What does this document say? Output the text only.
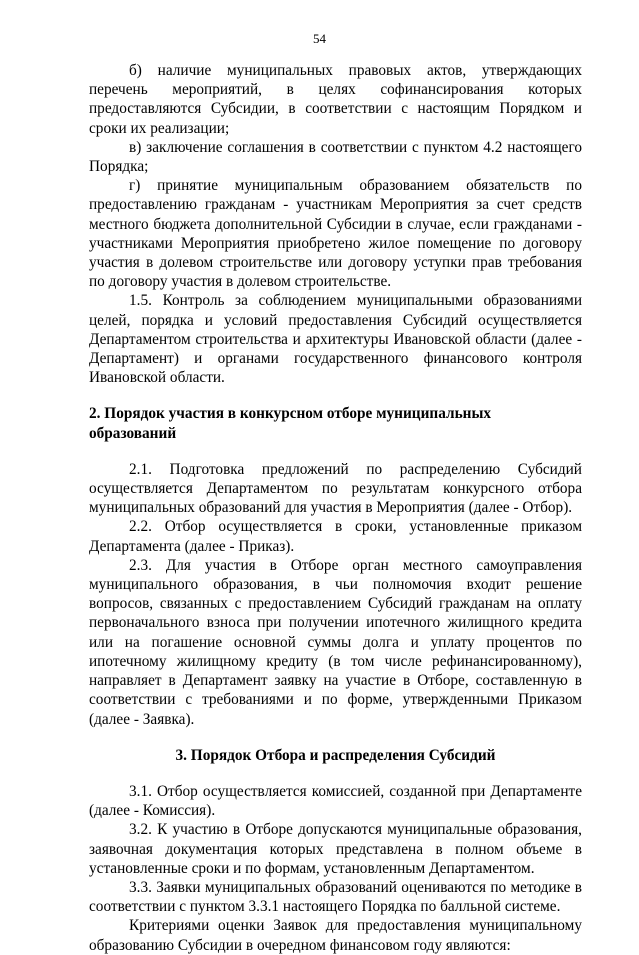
54

б) наличие муниципальных правовых актов, утверждающих перечень мероприятий, в целях софинансирования которых предоставляются Субсидии, в соответствии с настоящим Порядком и сроки их реализации;

в) заключение соглашения в соответствии с пунктом 4.2 настоящего Порядка;

г) принятие муниципальным образованием обязательств по предоставлению гражданам - участникам Мероприятия за счет средств местного бюджета дополнительной Субсидии в случае, если гражданами - участниками Мероприятия приобретено жилое помещение по договору участия в долевом строительстве или договору уступки прав требования по договору участия в долевом строительстве.

1.5. Контроль за соблюдением муниципальными образованиями целей, порядка и условий предоставления Субсидий осуществляется Департаментом строительства и архитектуры Ивановской области (далее - Департамент) и органами государственного финансового контроля Ивановской области.

2. Порядок участия в конкурсном отборе муниципальных образований

2.1. Подготовка предложений по распределению Субсидий осуществляется Департаментом по результатам конкурсного отбора муниципальных образований для участия в Мероприятия (далее - Отбор).

2.2. Отбор осуществляется в сроки, установленные приказом Департамента (далее - Приказ).

2.3. Для участия в Отборе орган местного самоуправления муниципального образования, в чьи полномочия входит решение вопросов, связанных с предоставлением Субсидий гражданам на оплату первоначального взноса при получении ипотечного жилищного кредита или на погашение основной суммы долга и уплату процентов по ипотечному жилищному кредиту (в том числе рефинансированному), направляет в Департамент заявку на участие в Отборе, составленную в соответствии с требованиями и по форме, утвержденными Приказом (далее - Заявка).

3. Порядок Отбора и распределения Субсидий

3.1. Отбор осуществляется комиссией, созданной при Департаменте (далее - Комиссия).

3.2. К участию в Отборе допускаются муниципальные образования, заявочная документация которых представлена в полном объеме в установленные сроки и по формам, установленным Департаментом.

3.3. Заявки муниципальных образований оцениваются по методике в соответствии с пунктом 3.3.1 настоящего Порядка по балльной системе.

Критериями оценки Заявок для предоставления муниципальному образованию Субсидии в очередном финансовом году являются:
